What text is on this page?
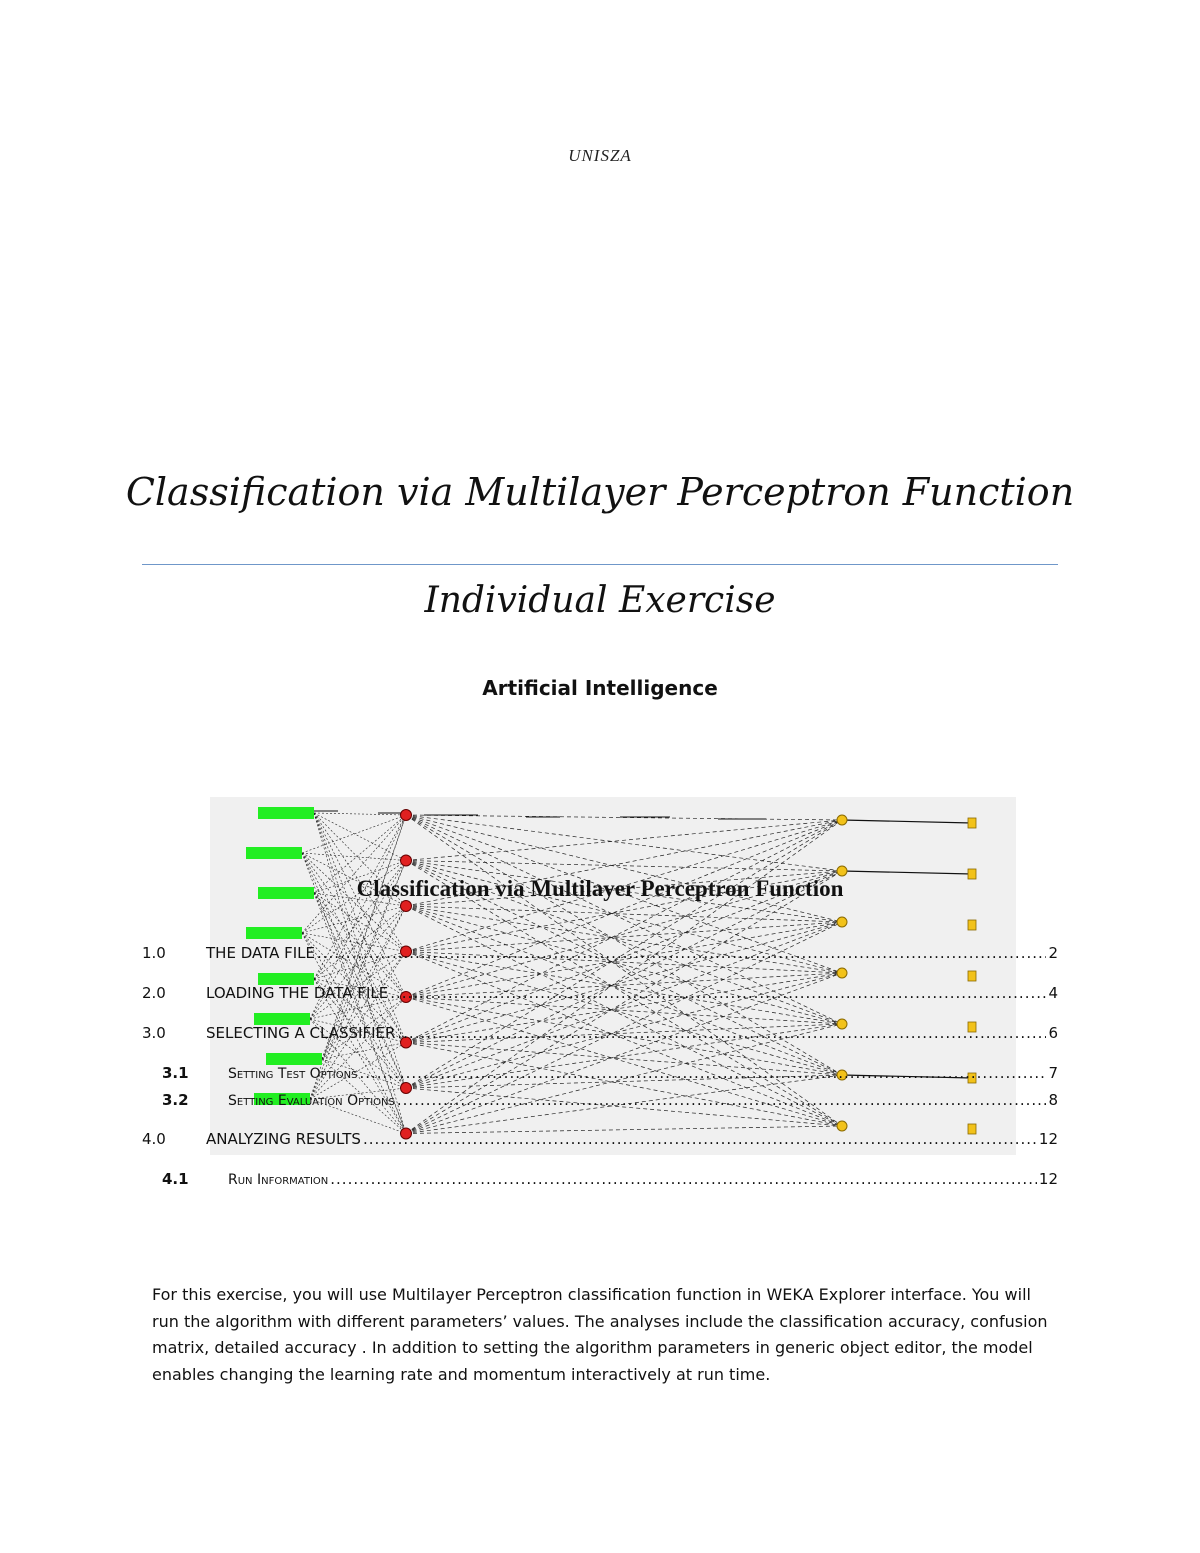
UNISZA
Classification via Multilayer Perceptron Function
Individual Exercise
Artificial Intelligence
Classification via Multilayer Perceptron Function
1.0	THE DATA FILE .....	2
2.0	LOADING THE DATA FILE .....	4
3.0	SELECTING A CLASSIFIER .....	6
3.1	Setting Test Options .....	7
3.2	Setting Evaluation Options .....	8
4.0	ANALYZING RESULTS .....	12
4.1	Run Information .....	12
For this exercise, you will use Multilayer Perceptron classification function in WEKA Explorer interface. You will run the algorithm with different parameters’ values. The analyses include the classification accuracy, confusion matrix, detailed accuracy . In addition to setting the algorithm parameters in generic object editor, the model enables changing the learning rate and momentum interactively at run time.
